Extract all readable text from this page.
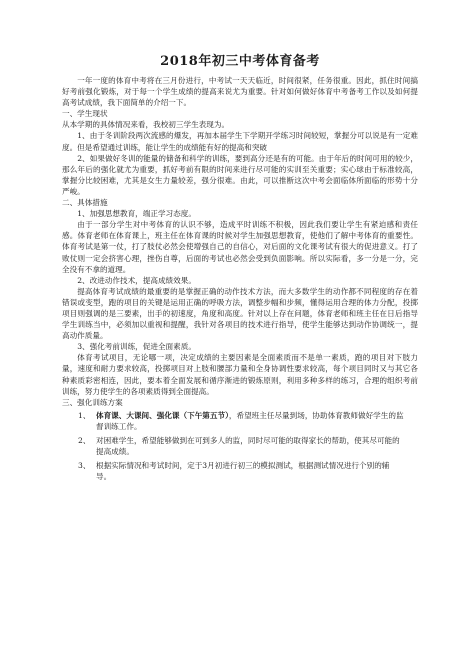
2018年初三中考体育备考

一年一度的体育中考将在三月份进行，中考试一天天临近，时间很紧，任务很重。因此，抓住时间搞好考前强化锻炼，对于每一个学生成绩的提高来说尤为重要。针对如何做好体育中考备考工作以及如何提高考试成绩，我下面简单的介绍一下。

一、学生现状

从本学期的具体情况来看，我校初三学生表现为。

1、由于冬训阶段两次流感的爆发，再加本届学生下学期开学练习时间较短，掌握分可以说是有一定难度。但是希望通过训练，能让学生的成绩能有好的提高和突破

2、如果做好冬训的能量的储备和科学的训练，要到高分还是有的可能。由于年后的时间可用的较少，那么年后的强化就尤为重要，抓好考前有限的时间来进行尽可能的实训至关重要；实心球由于标准较高，掌握分比较困难，尤其是女生力量较差，强分很难。由此，可以推断这次中考会面临体所面临的形势十分严峻。

二、具体措施

1、加强思想教育，端正学习态度。

由于一部分学生对中考体育的认识不够，造成平时训练不积极，因此我们要让学生有紧迫感和责任感。体育老师在体育课上，班主任在体育课的时候对学生加强思想教育，使他们了解中考体育的重要性。体育考试是第一仗，打了肢仗必然会使增强自己的自信心，对后面的文化课考试有很大的促进意义。打了败仗则一定会挤害心理，挫伤自尊，后面的考试也必然会受到负面影响。所以实际看，多一分是一分，完全没有不拿的道理。

2、改进动作技术，提高成绩效果。

提高体育考试成绩的最重要的是掌握正确的动作技术方法，而大多数学生的动作都不同程度的存在着错误或变型，跑的项目的关键是运用正确的呼吸方法，调整步幅和步频，懂得运用合理的体力分配，投掷项目则强调的是三要素，出手的初速度，角度和高度。针对以上存在问题，体育老师和班主任在日后指导学生训练当中，必须加以重视和提醒，我针对各项目的技术进行指导，使学生能够达到动作协调统一，提高动作质量。

3、强化考前训练，促进全面素质。

体育考试项目，无论哪一项，决定成绩的主要因素是全面素质而不是单一素质，跑的项目对下肢力量，速度和耐力要求较高，投掷项目对上肢和腰部力量和全身协调性要求较高，每个项目同时又与其它各种素质彩密相连，因此，要本着全面发展和循序渐进的锻炼原则，利用多种多样的练习，合理的组织考前训练，努力使学生的各项素质得到全面提高。

三、强化训练方案

1、 体育课、大课间、强化课（下午第五节），希望班主任尽量到场，协助体育教师做好学生的监督训练工作。
2、 对困难学生，希望能够做到在可到多人的监，同时尽可能的取得家长的帮助，使其尽可能的提高成绩。
3、 根据实际情况和考试时间，定于3月初进行初三的模拟测试，根据测试情况进行个别的辅导。
